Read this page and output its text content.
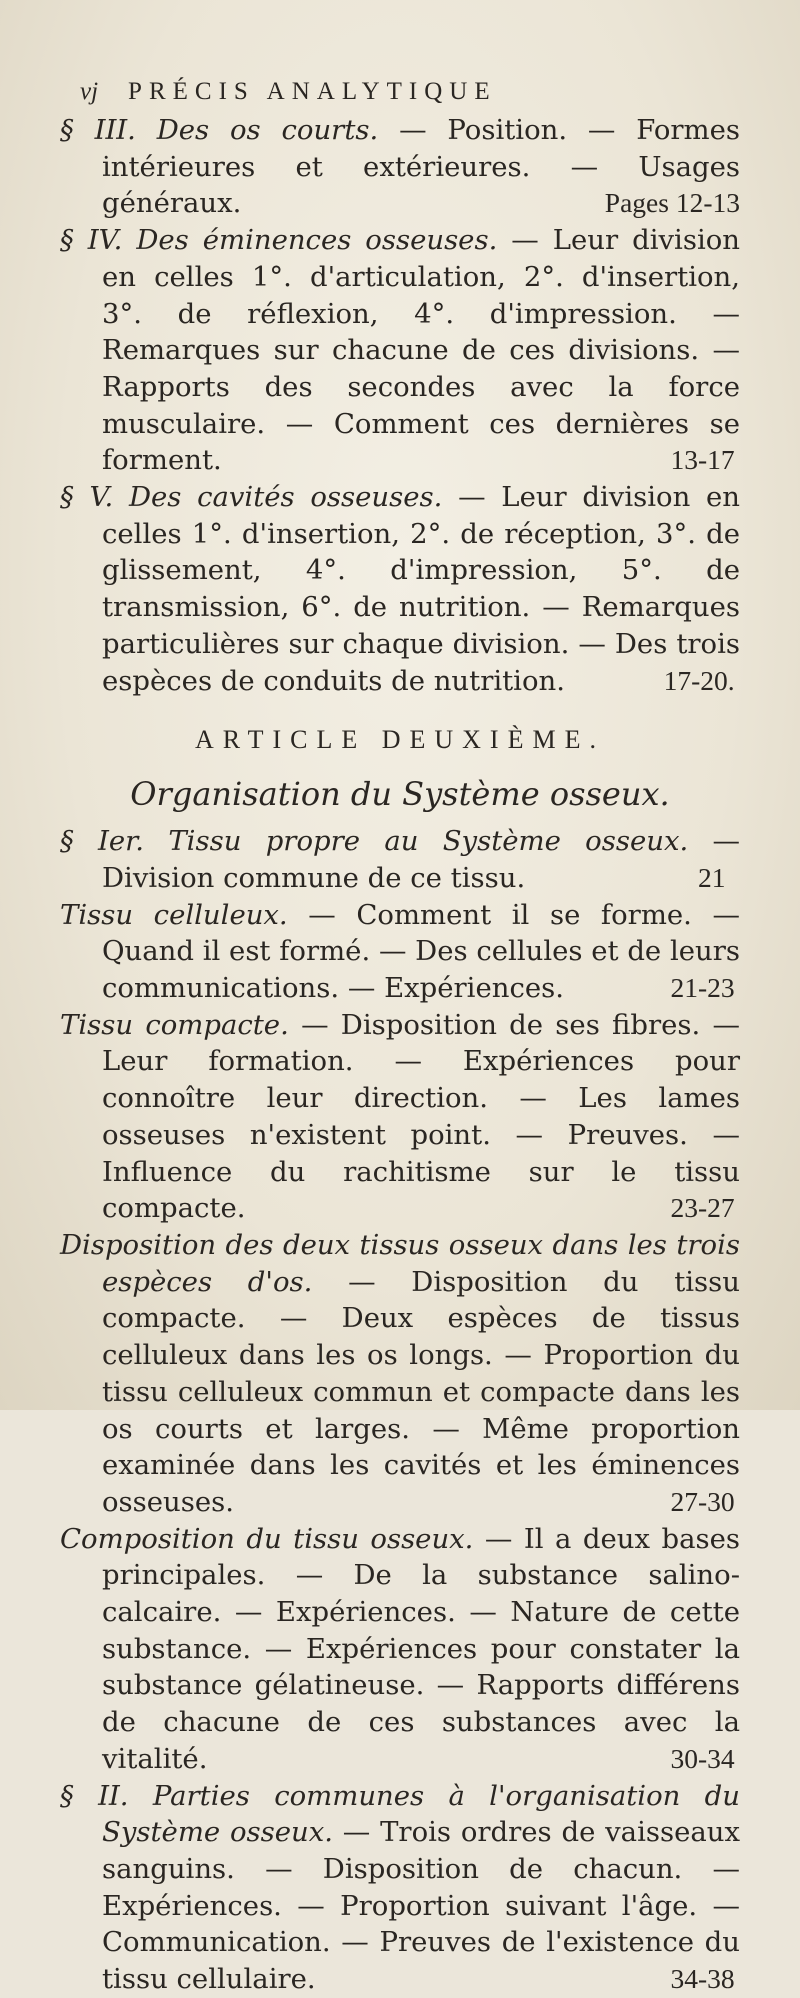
vj PRÉCIS ANALYTIQUE

§ III. Des os courts. — Position. — Formes intérieures et extérieures. — Usages généraux.	Pages 12-13

§ IV. Des éminences osseuses. — Leur division en celles 1°. d'articulation, 2°. d'insertion, 3°. de réflexion, 4°. d'impression. — Remarques sur chacune de ces divisions. — Rapports des secondes avec la force musculaire. — Comment ces dernières se forment.	13-17

§ V. Des cavités osseuses. — Leur division en celles 1°. d'insertion, 2°. de réception, 3°. de glissement, 4°. d'impression, 5°. de transmission, 6°. de nutrition. — Remarques particulières sur chaque division. — Des trois espèces de conduits de nutrition.	17-20.

ARTICLE DEUXIÈME.
Organisation du Système osseux.

§ Ier. Tissu propre au Système osseux. — Division commune de ce tissu.	21

Tissu celluleux. — Comment il se forme. — Quand il est formé. — Des cellules et de leurs communications. — Expériences.	21-23

Tissu compacte. — Disposition de ses fibres. — Leur formation. — Expériences pour connoître leur direction. — Les lames osseuses n'existent point. — Preuves. — Influence du rachitisme sur le tissu compacte.	23-27

Disposition des deux tissus osseux dans les trois espèces d'os. — Disposition du tissu compacte. — Deux espèces de tissus celluleux dans les os longs. — Proportion du tissu celluleux commun et compacte dans les os courts et larges. — Même proportion examinée dans les cavités et les éminences osseuses.	27-30

Composition du tissu osseux. — Il a deux bases principales. — De la substance salino-calcaire. — Expériences. — Nature de cette substance. — Expériences pour constater la substance gélatineuse. — Rapports différens de chacune de ces substances avec la vitalité.	30-34

§ II. Parties communes à l'organisation du Système osseux. — Trois ordres de vaisseaux sanguins. — Disposition de chacun. — Expériences. — Proportion suivant l'âge. — Communication. — Preuves de l'existence du tissu cellulaire.	34-38
